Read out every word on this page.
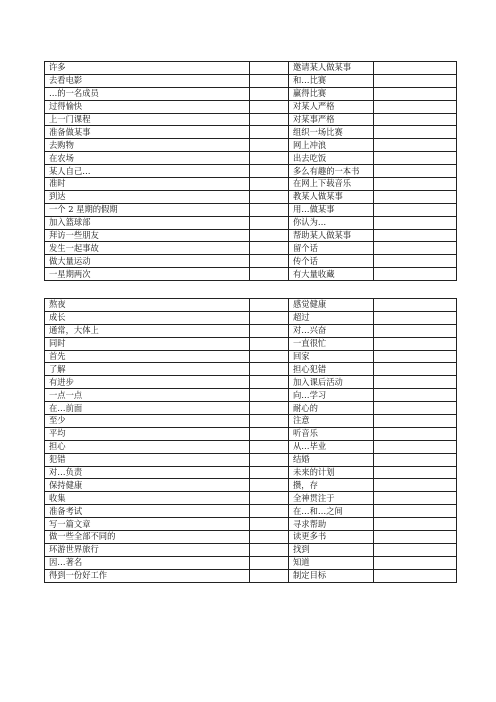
许多		邀请某人做某事	
去看电影		和…比赛	
…的一名成员		赢得比赛	
过得愉快		对某人严格	
上一门课程		对某事严格	
准备做某事		组织一场比赛	
去购物		网上冲浪	
在农场		出去吃饭	
某人自己…		多么有趣的一本书	
准时		在网上下载音乐	
到达		教某人做某事	
一个 2 星期的假期		用…做某事	
加入篮球部		你认为…	
拜访一些朋友		帮助某人做某事	
发生一起事故		留个话	
做大量运动		传个话	
一星期两次		有大量收藏	
熬夜		感觉健康	
成长		超过	
通常，大体上		对…兴奋	
同时		一直很忙	
首先		回家	
了解		担心犯错	
有进步		加入课后活动	
一点一点		向…学习	
在…前面		耐心的	
至少		注意	
平均		听音乐	
担心		从…毕业	
犯错		结婚	
对…负责		未来的计划	
保持健康		攒，存	
收集		全神贯注于	
准备考试		在…和…之间	
写一篇文章		寻求帮助	
做一些全部不同的		读更多书	
环游世界旅行		找到	
因…著名		知道	
得到一份好工作		制定目标	
